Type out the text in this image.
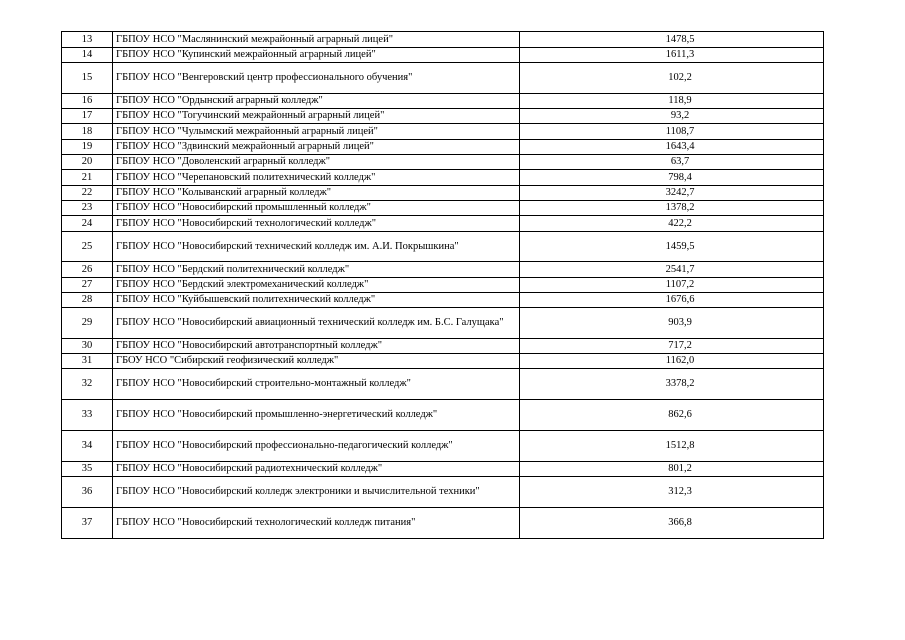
13	ГБПОУ НСО "Маслянинский межрайонный аграрный лицей"	1478,5
14	ГБПОУ НСО "Купинский межрайонный аграрный лицей"	1611,3
15	ГБПОУ НСО "Венгеровский центр профессионального обучения"	102,2
16	ГБПОУ НСО "Ордынский аграрный колледж"	118,9
17	ГБПОУ НСО "Тогучинский межрайонный аграрный лицей"	93,2
18	ГБПОУ НСО "Чулымский межрайонный аграрный лицей"	1108,7
19	ГБПОУ НСО "Здвинский межрайонный аграрный лицей"	1643,4
20	ГБПОУ НСО "Доволенский аграрный колледж"	63,7
21	ГБПОУ НСО "Черепановский политехнический колледж"	798,4
22	ГБПОУ НСО "Колыванский аграрный колледж"	3242,7
23	ГБПОУ НСО "Новосибирский промышленный колледж"	1378,2
24	ГБПОУ НСО "Новосибирский технологический колледж"	422,2
25	ГБПОУ НСО "Новосибирский технический колледж им. А.И. Покрышкина"	1459,5
26	ГБПОУ НСО "Бердский политехнический колледж"	2541,7
27	ГБПОУ НСО "Бердский электромеханический колледж"	1107,2
28	ГБПОУ НСО "Куйбышевский политехнический колледж"	1676,6
29	ГБПОУ НСО "Новосибирский авиационный технический колледж им. Б.С. Галущака"	903,9
30	ГБПОУ НСО "Новосибирский автотранспортный колледж"	717,2
31	ГБОУ НСО "Сибирский геофизический колледж"	1162,0
32	ГБПОУ НСО "Новосибирский строительно-монтажный колледж"	3378,2
33	ГБПОУ НСО "Новосибирский промышленно-энергетический колледж"	862,6
34	ГБПОУ НСО "Новосибирский профессионально-педагогический колледж"	1512,8
35	ГБПОУ НСО "Новосибирский радиотехнический колледж"	801,2
36	ГБПОУ НСО "Новосибирский колледж электроники и вычислительной техники"	312,3
37	ГБПОУ НСО "Новосибирский технологический колледж питания"	366,8
